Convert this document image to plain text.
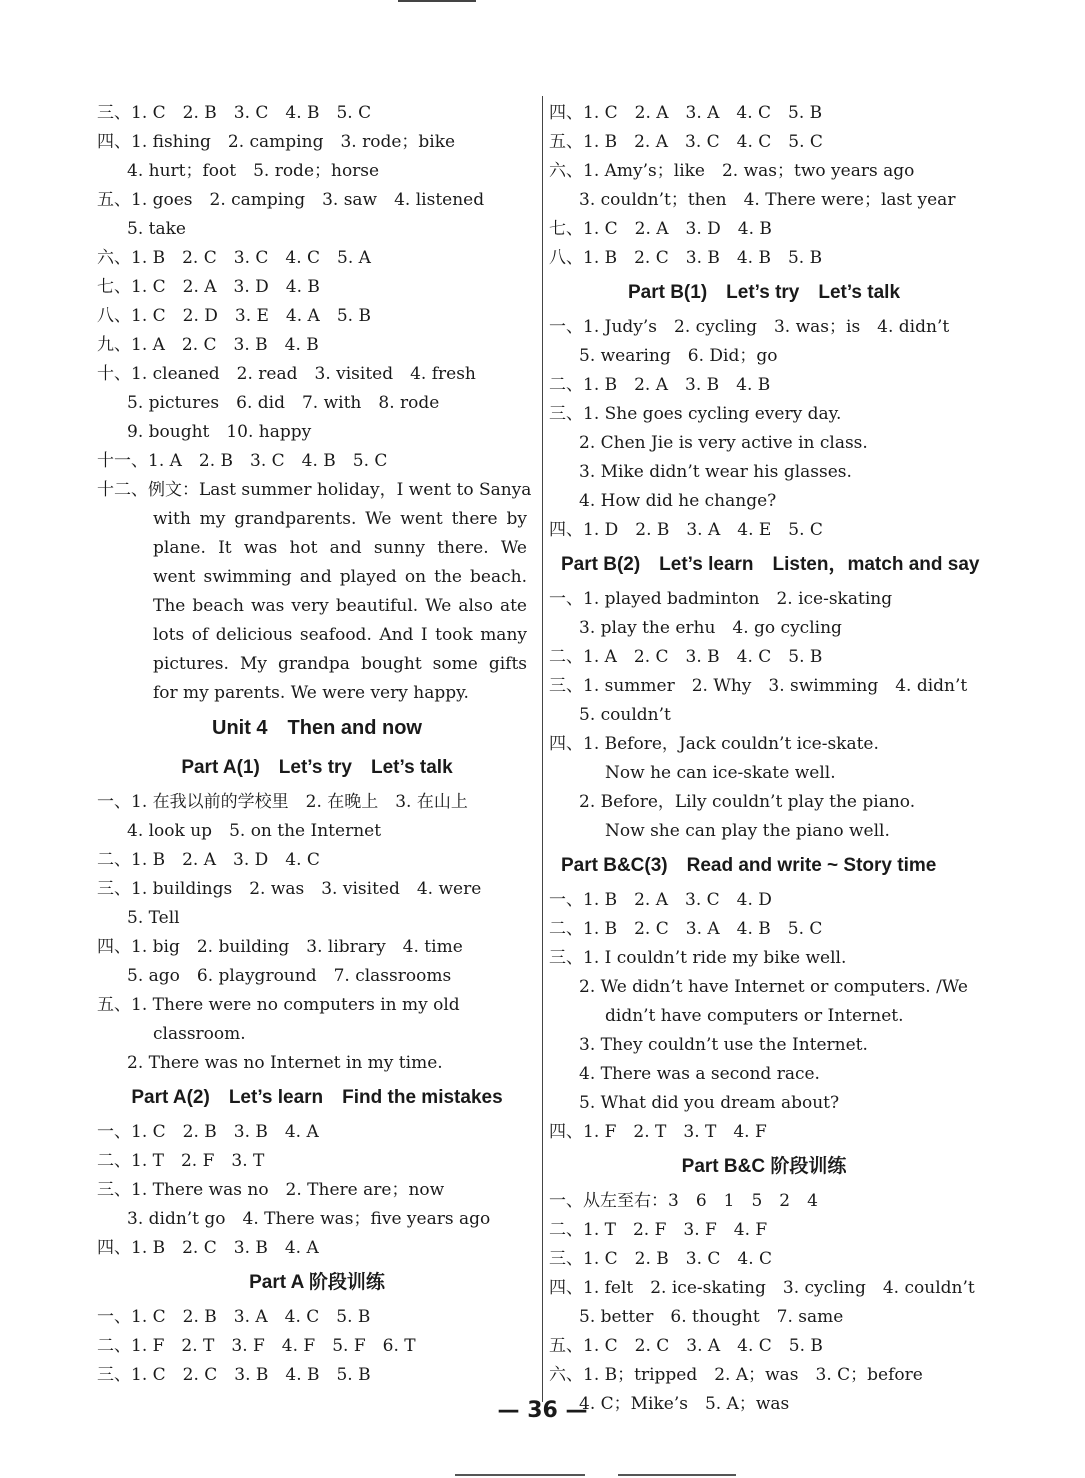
三、1. C　2. B　3. C　4. B　5. C
四、1. fishing　2. camping　3. rode；bike
4. hurt；foot　5. rode；horse
五、1. goes　2. camping　3. saw　4. listened
5. take
六、1. B　2. C　3. C　4. C　5. A
七、1. C　2. A　3. D　4. B
八、1. C　2. D　3. E　4. A　5. B
九、1. A　2. C　3. B　4. B
十、1. cleaned　2. read　3. visited　4. fresh
5. pictures　6. did　7. with　8. rode
9. bought　10. happy
十一、1. A　2. B　3. C　4. B　5. C
十二、例文：Last summer holiday，I went to Sanya
with my grandparents. We went there by plane. It was hot and sunny there. We went swimming and played on the beach. The beach was very beautiful. We also ate lots of delicious seafood. And I took many pictures. My grandpa bought some gifts for my parents. We were very happy.
Unit 4　Then and now
Part A(1)　Let’s try　Let’s talk
一、1. 在我以前的学校里　2. 在晚上　3. 在山上
4. look up　5. on the Internet
二、1. B　2. A　3. D　4. C
三、1. buildings　2. was　3. visited　4. were
5. Tell
四、1. big　2. building　3. library　4. time
5. ago　6. playground　7. classrooms
五、1. There were no computers in my old
classroom.
2. There was no Internet in my time.
Part A(2)　Let’s learn　Find the mistakes
一、1. C　2. B　3. B　4. A
二、1. T　2. F　3. T
三、1. There was no　2. There are；now
3. didn’t go　4. There was；five years ago
四、1. B　2. C　3. B　4. A
Part A 阶段训练
一、1. C　2. B　3. A　4. C　5. B
二、1. F　2. T　3. F　4. F　5. F　6. T
三、1. C　2. C　3. B　4. B　5. B
四、1. C　2. A　3. A　4. C　5. B
五、1. B　2. A　3. C　4. C　5. C
六、1. Amy’s；like　2. was；two years ago
3. couldn’t；then　4. There were；last year
七、1. C　2. A　3. D　4. B
八、1. B　2. C　3. B　4. B　5. B
Part B(1)　Let’s try　Let’s talk
一、1. Judy’s　2. cycling　3. was；is　4. didn’t
5. wearing　6. Did；go
二、1. B　2. A　3. B　4. B
三、1. She goes cycling every day.
2. Chen Jie is very active in class.
3. Mike didn’t wear his glasses.
4. How did he change?
四、1. D　2. B　3. A　4. E　5. C
Part B(2)　Let’s learn　Listen，match and say
一、1. played badminton　2. ice-skating
3. play the erhu　4. go cycling
二、1. A　2. C　3. B　4. C　5. B
三、1. summer　2. Why　3. swimming　4. didn’t
5. couldn’t
四、1. Before，Jack couldn’t ice-skate.
Now he can ice-skate well.
2. Before，Lily couldn’t play the piano.
Now she can play the piano well.
Part B&C(3)　Read and write ~ Story time
一、1. B　2. A　3. C　4. D
二、1. B　2. C　3. A　4. B　5. C
三、1. I couldn’t ride my bike well.
2. We didn’t have Internet or computers. /We
didn’t have computers or Internet.
3. They couldn’t use the Internet.
4. There was a second race.
5. What did you dream about?
四、1. F　2. T　3. T　4. F
Part B&C 阶段训练
一、从左至右：3　6　1　5　2　4
二、1. T　2. F　3. F　4. F
三、1. C　2. B　3. C　4. C
四、1. felt　2. ice-skating　3. cycling　4. couldn’t
5. better　6. thought　7. same
五、1. C　2. C　3. A　4. C　5. B
六、1. B；tripped　2. A；was　3. C；before
4. C；Mike’s　5. A；was
— 36 —
